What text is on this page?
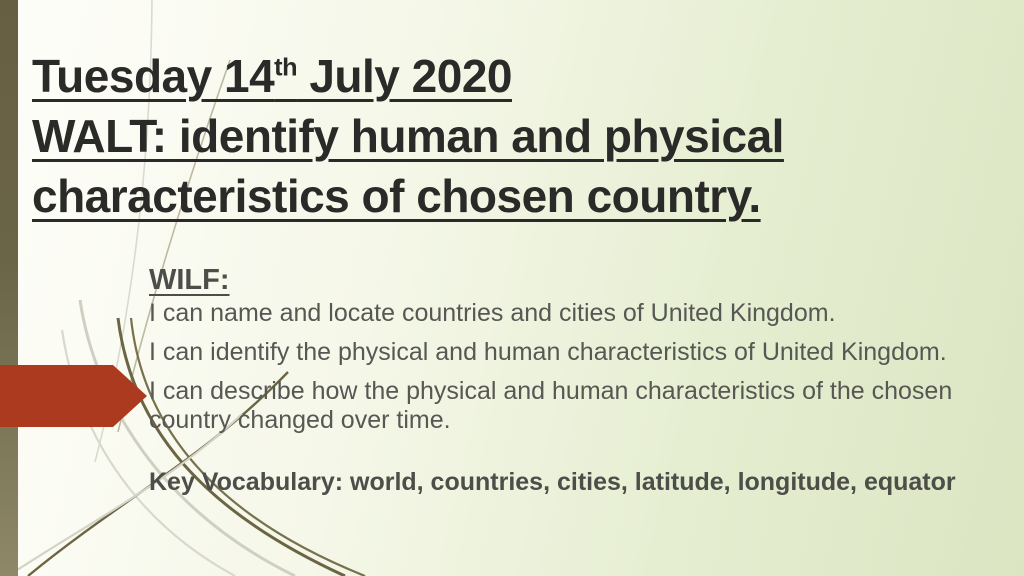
Tuesday 14th July 2020
WALT: identify human and physical
characteristics of chosen country.
WILF:

I can name and locate countries and cities of United Kingdom.

I can identify the physical and human characteristics of United Kingdom.

I can describe how the physical and human characteristics of the chosen country changed over time.

Key Vocabulary: world, countries, cities, latitude, longitude, equator
